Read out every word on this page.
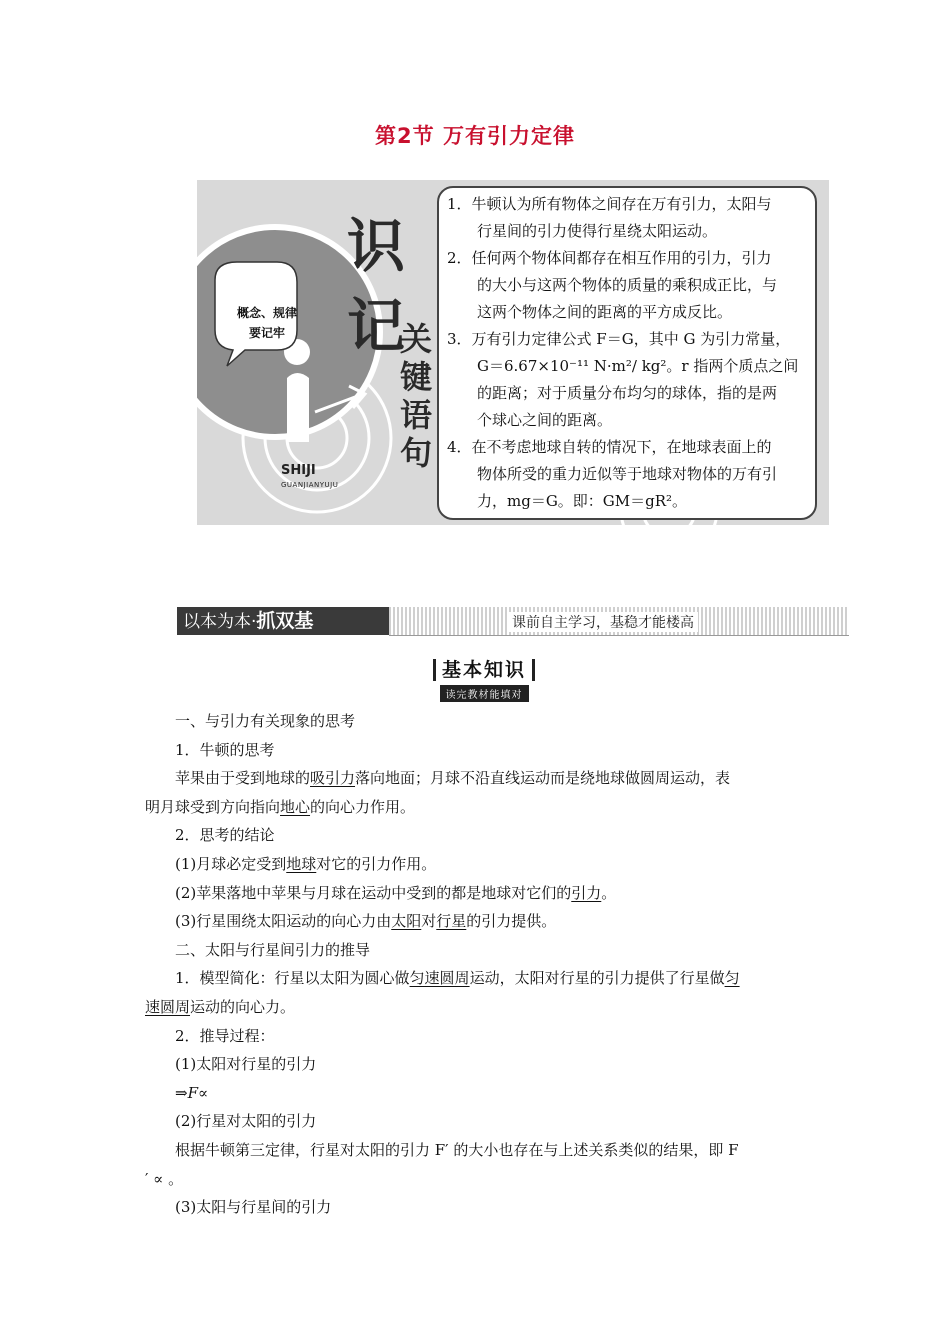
第2节 万有引力定律
概念、规律
要记牢
识
记
关
键
语
句
SHIJI
GUANJIANYUJU

1．牛顿认为所有物体之间存在万有引力，太阳与
行星间的引力使得行星绕太阳运动。

2．任何两个物体间都存在相互作用的引力，引力
的大小与这两个物体的质量的乘积成正比，与
这两个物体之间的距离的平方成反比。

3．万有引力定律公式 F＝G，其中 G 为引力常量，
G＝6.67×10⁻¹¹ N·m²/ kg²。r 指两个质点之间
的距离；对于质量分布均匀的球体，指的是两
个球心之间的距离。

4．在不考虑地球自转的情况下，在地球表面上的
物体所受的重力近似等于地球对物体的万有引
力，mg＝G。即：GM＝gR²。

以本为本·抓双基	课前自主学习，基稳才能楼高
基本知识
读完教材能填对

一、与引力有关现象的思考

1．牛顿的思考

苹果由于受到地球的吸引力落向地面；月球不沿直线运动而是绕地球做圆周运动，表

明月球受到方向指向地心的向心力作用。

2．思考的结论

(1)月球必定受到地球对它的引力作用。

(2)苹果落地中苹果与月球在运动中受到的都是地球对它们的引力。

(3)行星围绕太阳运动的向心力由太阳对行星的引力提供。

二、太阳与行星间引力的推导

1．模型简化：行星以太阳为圆心做匀速圆周运动，太阳对行星的引力提供了行星做匀

速圆周运动的向心力。

2．推导过程：

(1)太阳对行星的引力

⇒F∝

(2)行星对太阳的引力

根据牛顿第三定律，行星对太阳的引力 F′ 的大小也存在与上述关系类似的结果，即 F

′ ∝ 。

(3)太阳与行星间的引力
